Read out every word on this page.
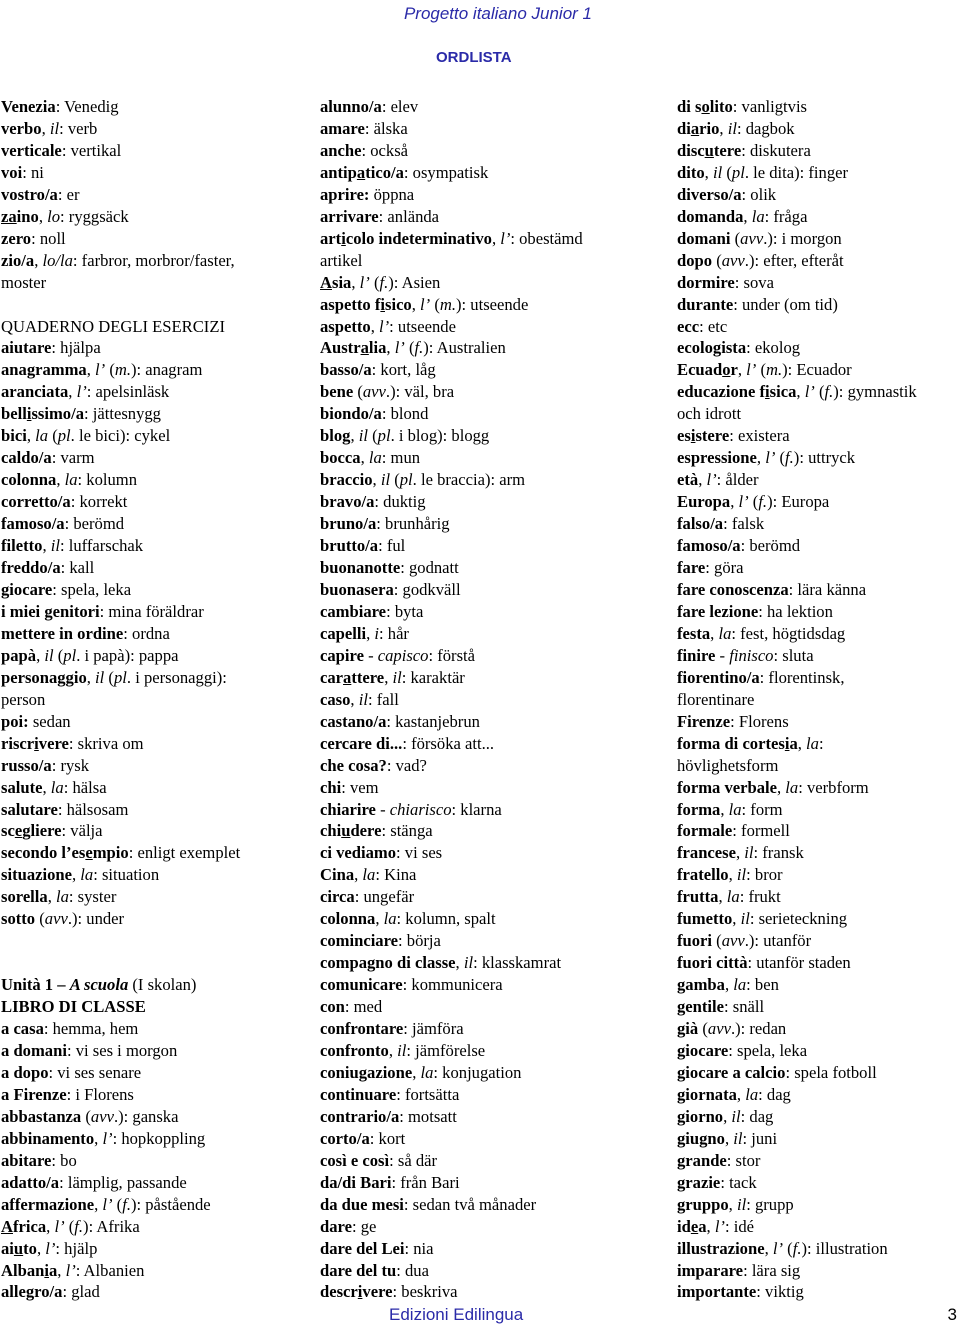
Progetto italiano Junior 1
ORDLISTA
Venezia: Venedig
verbo, il: verb
verticale: vertikal
voi: ni
vostro/a: er
zaino, lo: ryggsäck
zero: noll
zio/a, lo/la: farbror, morbror/faster,
moster
QUADERNO DEGLI ESERCIZI
aiutare: hjälpa
anagramma, l’ (m.): anagram
aranciata, l’: apelsinläsk
bellissimo/a: jättesnygg
bici, la (pl. le bici): cykel
caldo/a: varm
colonna, la: kolumn
corretto/a: korrekt
famoso/a: berömd
filetto, il: luffarschak
freddo/a: kall
giocare: spela, leka
i miei genitori: mina föräldrar
mettere in ordine: ordna
papà, il (pl. i papà): pappa
personaggio, il (pl. i personaggi):
person
poi: sedan
riscrivere: skriva om
russo/a: rysk
salute, la: hälsa
salutare: hälsosam
scegliere: välja
secondo l’esempio: enligt exemplet
situazione, la: situation
sorella, la: syster
sotto (avv.): under
Unità 1 – A scuola (I skolan)
LIBRO DI CLASSE
a casa: hemma, hem
a domani: vi ses i morgon
a dopo: vi ses senare
a Firenze: i Florens
abbastanza (avv.): ganska
abbinamento, l’: hopkoppling
abitare: bo
adatto/a: lämplig, passande
affermazione, l’ (f.): påstående
Africa, l’ (f.): Afrika
aiuto, l’: hjälp
Albania, l’: Albanien
allegro/a: glad
alunno/a: elev
amare: älska
anche: också
antipatico/a: osympatisk
aprire: öppna
arrivare: anlända
articolo indeterminativo, l’: obestämd
artikel
Asia, l’ (f.): Asien
aspetto fisico, l’ (m.): utseende
aspetto, l’: utseende
Australia, l’ (f.): Australien
basso/a: kort, låg
bene (avv.): väl, bra
biondo/a: blond
blog, il (pl. i blog): blogg
bocca, la: mun
braccio, il (pl. le braccia): arm
bravo/a: duktig
bruno/a: brunhårig
brutto/a: ful
buonanotte: godnatt
buonasera: godkväll
cambiare: byta
capelli, i: hår
capire - capisco: förstå
carattere, il: karaktär
caso, il: fall
castano/a: kastanjebrun
cercare di...: försöka att...
che cosa?: vad?
chi: vem
chiarire - chiarisco: klarna
chiudere: stänga
ci vediamo: vi ses
Cina, la: Kina
circa: ungefär
colonna, la: kolumn, spalt
cominciare: börja
compagno di classe, il: klasskamrat
comunicare: kommunicera
con: med
confrontare: jämföra
confronto, il: jämförelse
coniugazione, la: konjugation
continuare: fortsätta
contrario/a: motsatt
corto/a: kort
così e così: så där
da/di Bari: från Bari
da due mesi: sedan två månader
dare: ge
dare del Lei: nia
dare del tu: dua
descrivere: beskriva
di solito: vanligtvis
diario, il: dagbok
discutere: diskutera
dito, il (pl. le dita): finger
diverso/a: olik
domanda, la: fråga
domani (avv.): i morgon
dopo (avv.): efter, efteråt
dormire: sova
durante: under (om tid)
ecc: etc
ecologista: ekolog
Ecuador, l’ (m.): Ecuador
educazione fisica, l’ (f.): gymnastik
och idrott
esistere: existera
espressione, l’ (f.): uttryck
età, l’: ålder
Europa, l’ (f.): Europa
falso/a: falsk
famoso/a: berömd
fare: göra
fare conoscenza: lära känna
fare lezione: ha lektion
festa, la: fest, högtidsdag
finire - finisco: sluta
fiorentino/a: florentinsk,
florentinare
Firenze: Florens
forma di cortesia, la:
hövlighetsform
forma verbale, la: verbform
forma, la: form
formale: formell
francese, il: fransk
fratello, il: bror
frutta, la: frukt
fumetto, il: serieteckning
fuori (avv.): utanför
fuori città: utanför staden
gamba, la: ben
gentile: snäll
già (avv.): redan
giocare: spela, leka
giocare a calcio: spela fotboll
giornata, la: dag
giorno, il: dag
giugno, il: juni
grande: stor
grazie: tack
gruppo, il: grupp
idea, l’: idé
illustrazione, l’ (f.): illustration
imparare: lära sig
importante: viktig
Edizioni Edilingua	3
